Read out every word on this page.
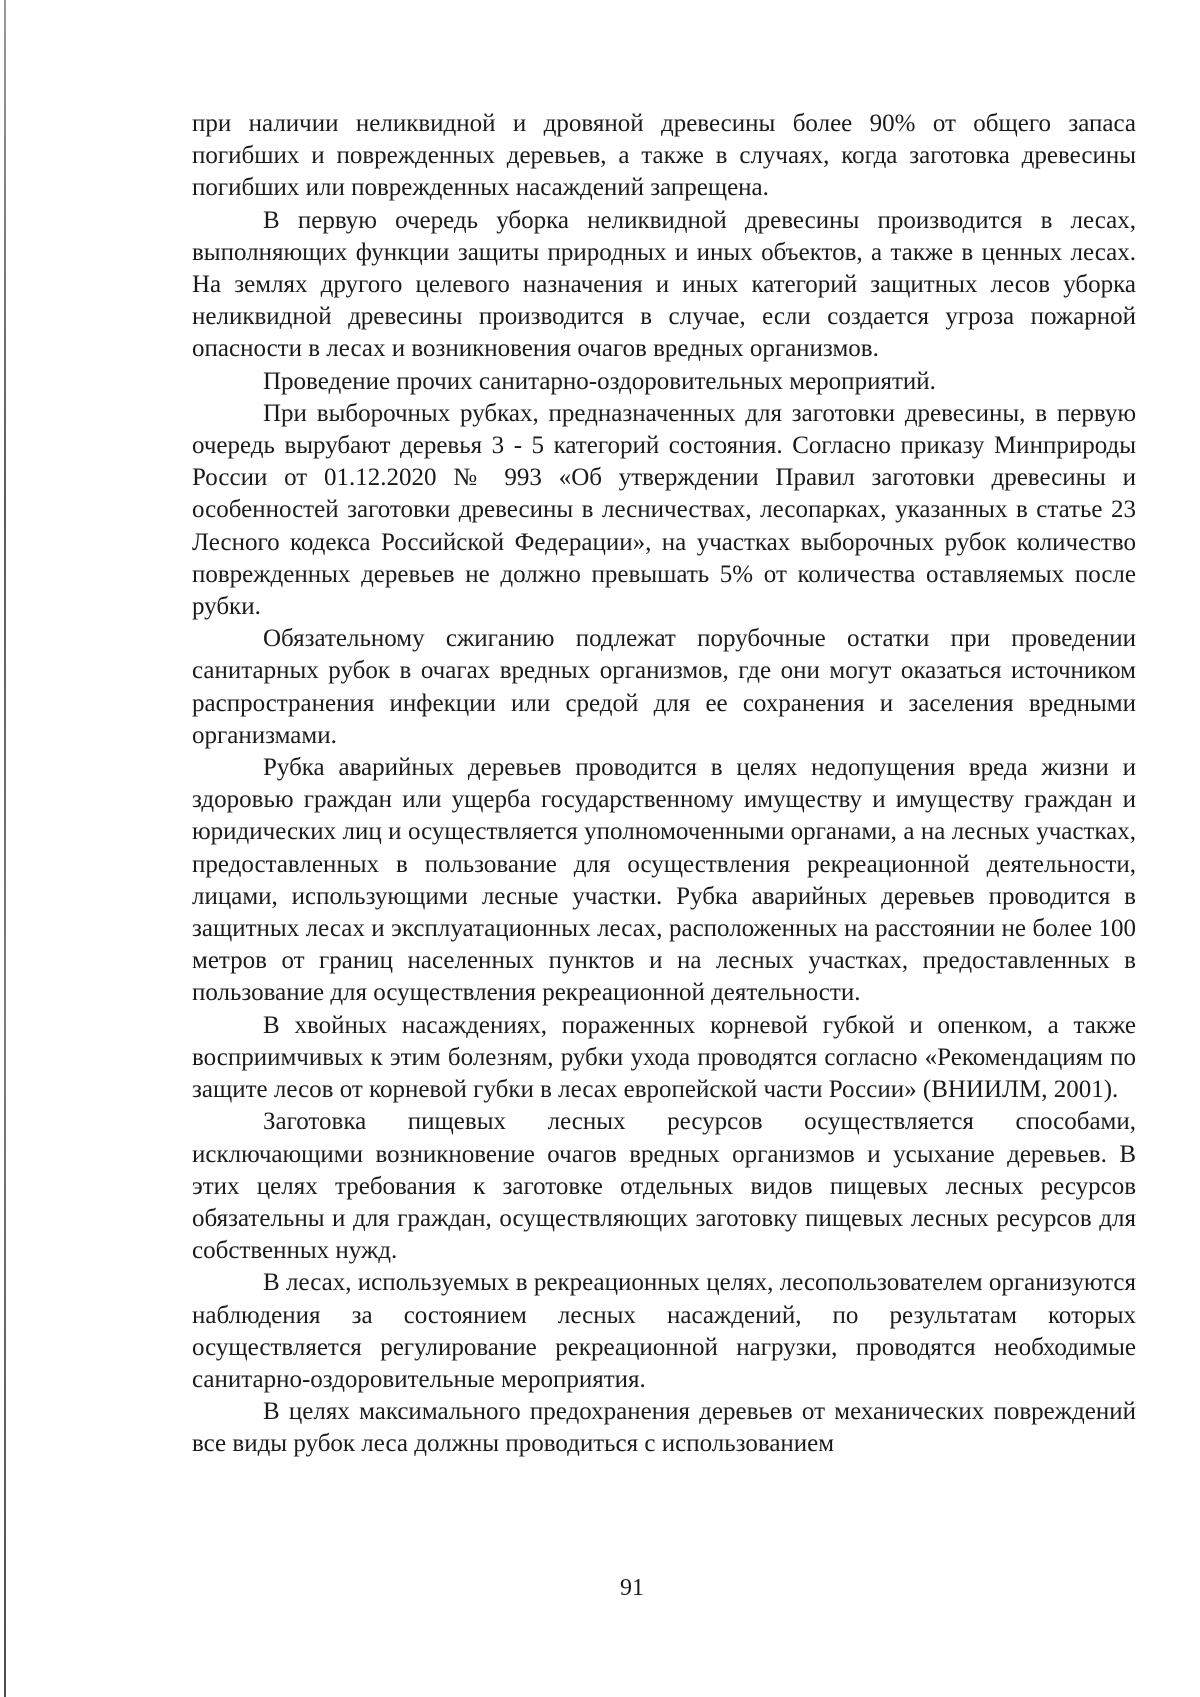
при наличии неликвидной и дровяной древесины более 90% от общего запаса погибших и поврежденных деревьев, а также в случаях, когда заготовка древесины погибших или поврежденных насаждений запрещена.

В первую очередь уборка неликвидной древесины производится в лесах, выполняющих функции защиты природных и иных объектов, а также в ценных лесах. На землях другого целевого назначения и иных категорий защитных лесов уборка неликвидной древесины производится в случае, если создается угроза пожарной опасности в лесах и возникновения очагов вредных организмов.

Проведение прочих санитарно-оздоровительных мероприятий.

При выборочных рубках, предназначенных для заготовки древесины, в первую очередь вырубают деревья 3 - 5 категорий состояния. Согласно приказу Минприроды России от 01.12.2020 № 993 «Об утверждении Правил заготовки древесины и особенностей заготовки древесины в лесничествах, лесопарках, указанных в статье 23 Лесного кодекса Российской Федерации», на участках выборочных рубок количество поврежденных деревьев не должно превышать 5% от количества оставляемых после рубки.

Обязательному сжиганию подлежат порубочные остатки при проведении санитарных рубок в очагах вредных организмов, где они могут оказаться источником распространения инфекции или средой для ее сохранения и заселения вредными организмами.

Рубка аварийных деревьев проводится в целях недопущения вреда жизни и здоровью граждан или ущерба государственному имуществу и имуществу граждан и юридических лиц и осуществляется уполномоченными органами, а на лесных участках, предоставленных в пользование для осуществления рекреационной деятельности, лицами, использующими лесные участки. Рубка аварийных деревьев проводится в защитных лесах и эксплуатационных лесах, расположенных на расстоянии не более 100 метров от границ населенных пунктов и на лесных участках, предоставленных в пользование для осуществления рекреационной деятельности.

В хвойных насаждениях, пораженных корневой губкой и опенком, а также восприимчивых к этим болезням, рубки ухода проводятся согласно «Рекомендациям по защите лесов от корневой губки в лесах европейской части России» (ВНИИЛМ, 2001).

Заготовка пищевых лесных ресурсов осуществляется способами, исключающими возникновение очагов вредных организмов и усыхание деревьев. В этих целях требования к заготовке отдельных видов пищевых лесных ресурсов обязательны и для граждан, осуществляющих заготовку пищевых лесных ресурсов для собственных нужд.

В лесах, используемых в рекреационных целях, лесопользователем организуются наблюдения за состоянием лесных насаждений, по результатам которых осуществляется регулирование рекреационной нагрузки, проводятся необходимые санитарно-оздоровительные мероприятия.

В целях максимального предохранения деревьев от механических повреждений все виды рубок леса должны проводиться с использованием

91
